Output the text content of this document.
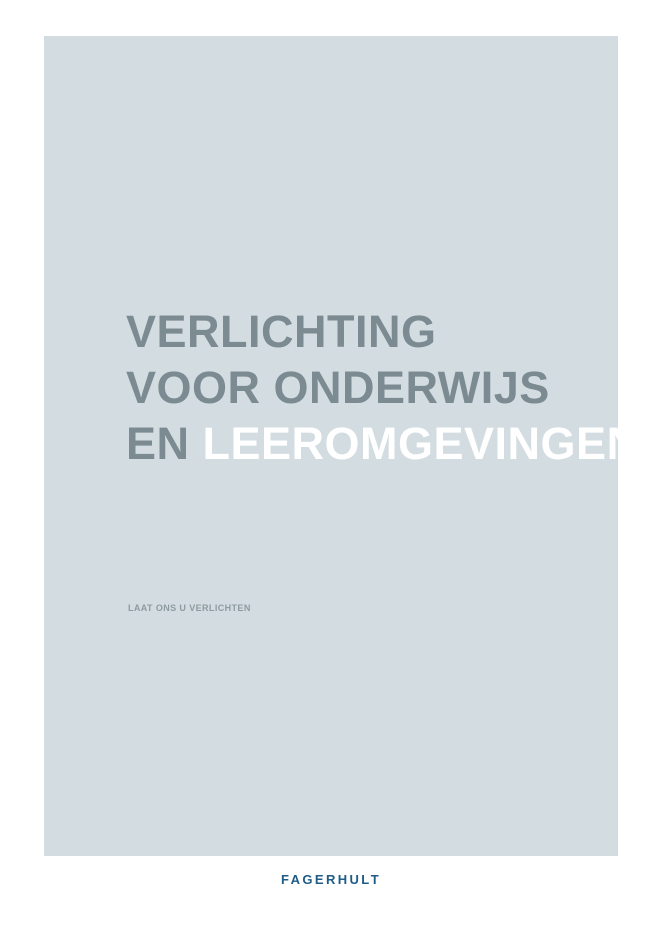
VERLICHTING
VOOR ONDERWIJS
EN LEEROMGEVINGEN.
LAAT ONS U VERLICHTEN
FAGERHULT
